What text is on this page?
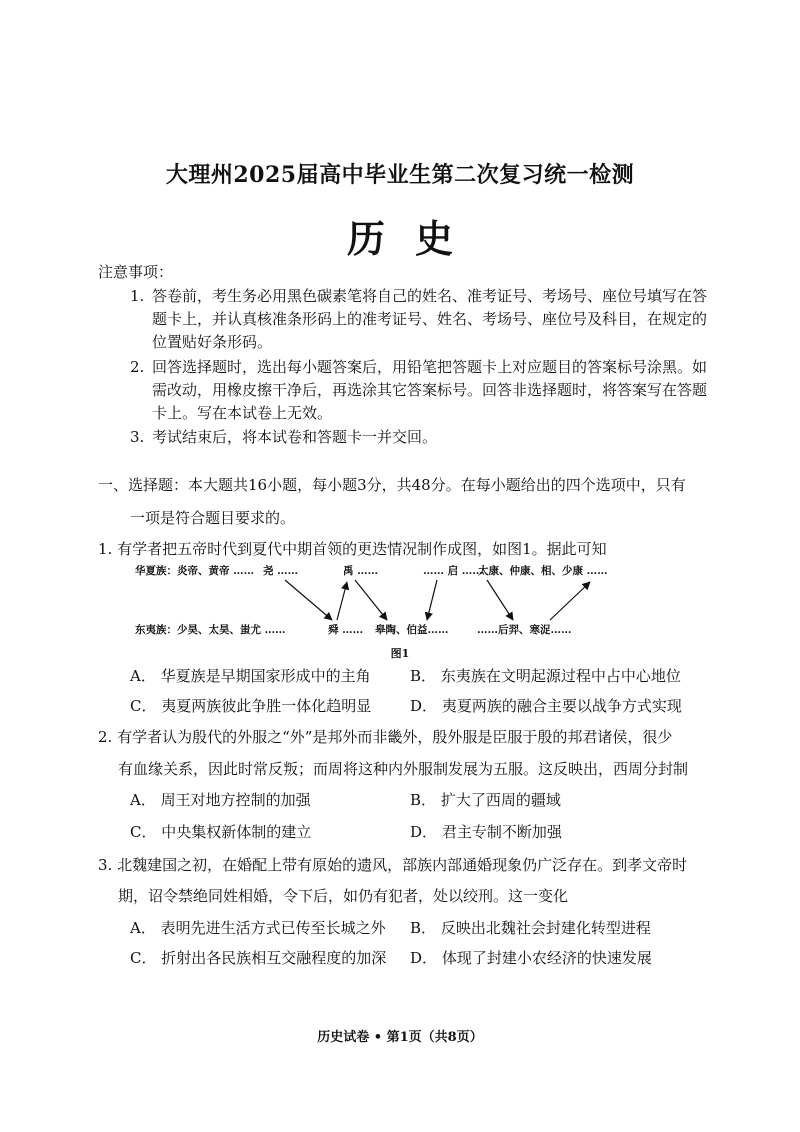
大理州2025届高中毕业生第二次复习统一检测
历史
注意事项：
1. 答卷前，考生务必用黑色碳素笔将自己的姓名、准考证号、考场号、座位号填写在答题卡上，并认真核准条形码上的准考证号、姓名、考场号、座位号及科目，在规定的位置贴好条形码。
2. 回答选择题时，选出每小题答案后，用铅笔把答题卡上对应题目的答案标号涂黑。如需改动，用橡皮擦干净后，再选涂其它答案标号。回答非选择题时，将答案写在答题卡上。写在本试卷上无效。
3. 考试结束后，将本试卷和答题卡一并交回。
一、选择题：本大题共16小题，每小题3分，共48分。在每小题给出的四个选项中，只有
一项是符合题目要求的。
1. 有学者把五帝时代到夏代中期首领的更迭情况制作成图，如图1。据此可知
华夏族： 炎帝、黄帝 …… 尧 ……	禹 ……	…… 启 ……
太康、仲康、相、少康 ……
东夷族： 少昊、太昊、蚩尤 ……	舜 …… 皋陶、伯益……	……后羿、寒浞……
图1
A． 华夏族是早期国家形成中的主角	B． 东夷族在文明起源过程中占中心地位
C． 夷夏两族彼此争胜一体化趋明显	D． 夷夏两族的融合主要以战争方式实现
2. 有学者认为殷代的外服之“外”是邦外而非畿外，殷外服是臣服于殷的邦君诸侯，很少
有血缘关系，因此时常反叛；而周将这种内外服制发展为五服。这反映出，西周分封制
A． 周王对地方控制的加强	B． 扩大了西周的疆域
C． 中央集权新体制的建立	D． 君主专制不断加强
3. 北魏建国之初，在婚配上带有原始的遗风，部族内部通婚现象仍广泛存在。到孝文帝时
期，诏令禁绝同姓相婚，令下后，如仍有犯者，处以绞刑。这一变化
A． 表明先进生活方式已传至长城之外 B． 反映出北魏社会封建化转型进程
C． 折射出各民族相互交融程度的加深 D． 体现了封建小农经济的快速发展
历史试卷 • 第1页（共8页）
